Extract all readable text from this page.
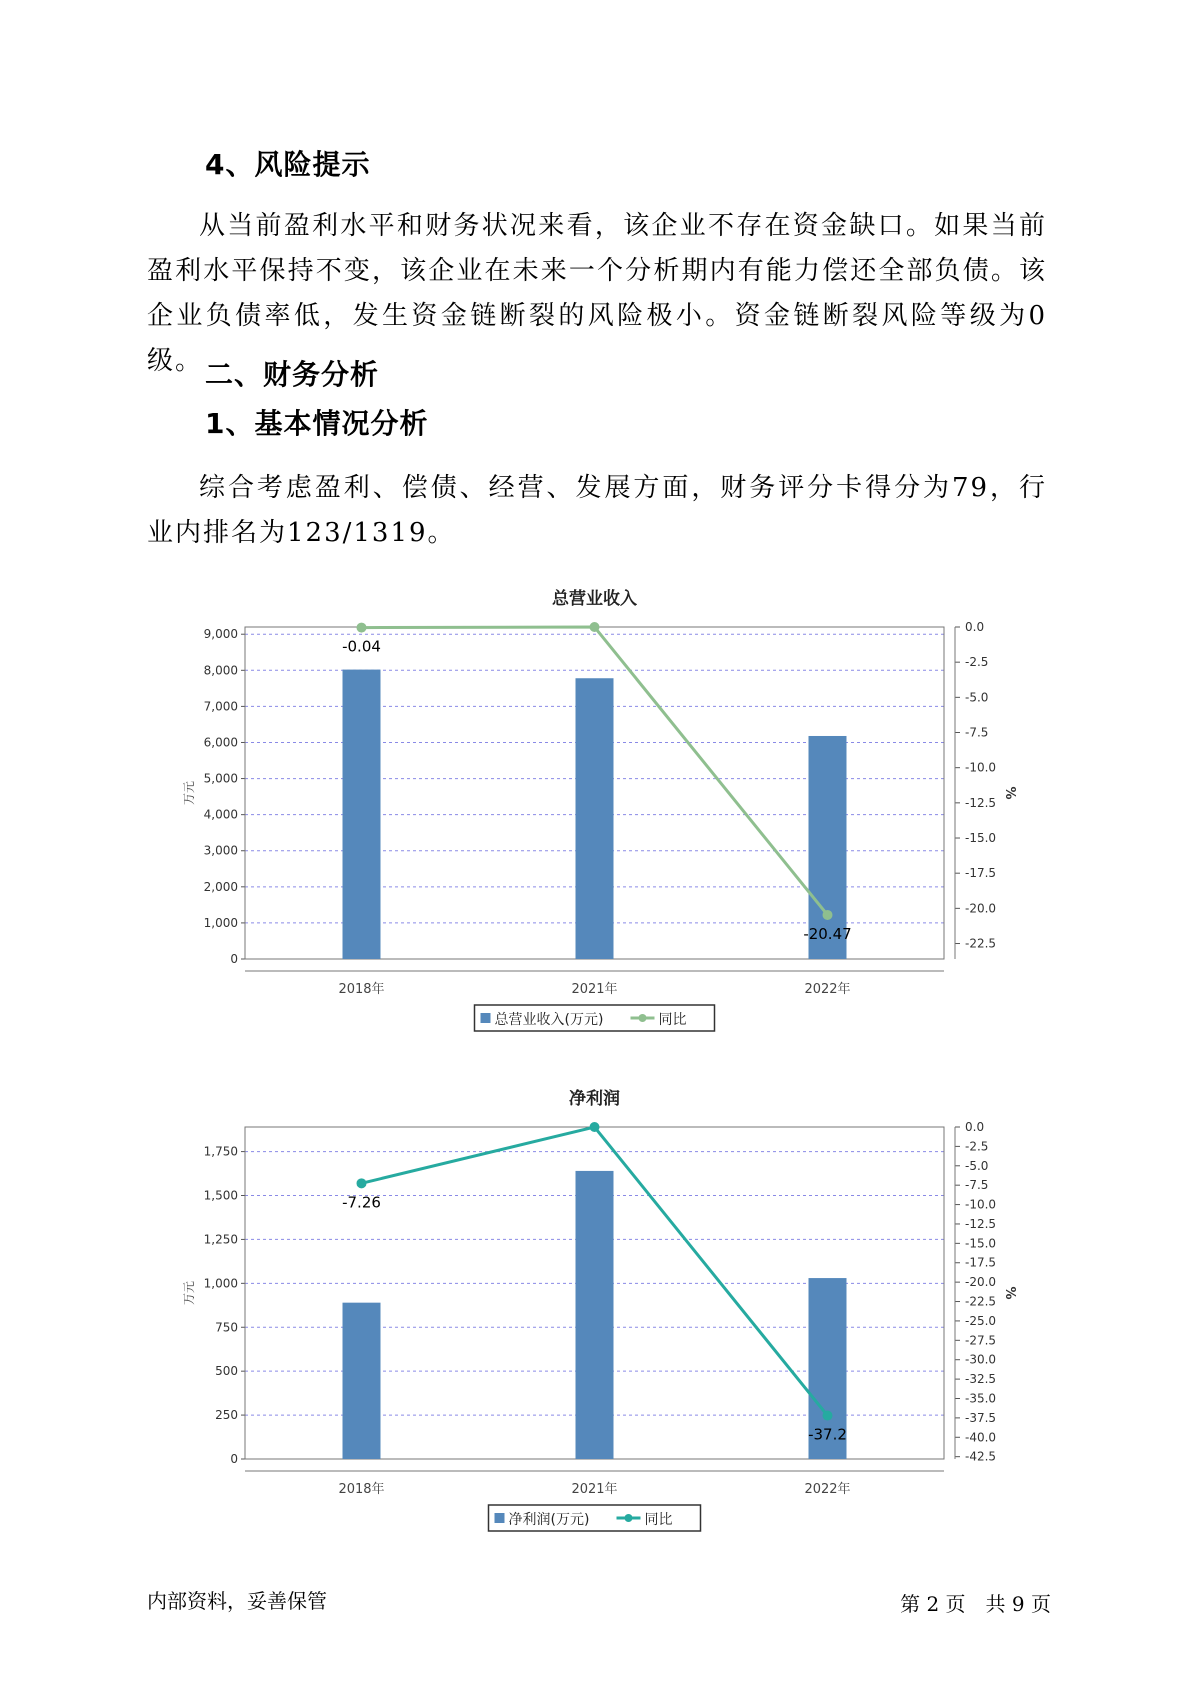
4、风险提示

从当前盈利水平和财务状况来看，该企业不存在资金缺口。如果当前盈利水平保持不变，该企业在未来一个分析期内有能力偿还全部负债。该企业负债率低，发生资金链断裂的风险极小。资金链断裂风险等级为0级。 二、财务分析
1、基本情况分析

综合考虑盈利、偿债、经营、发展方面，财务评分卡得分为79，行业内排名为123/1319。

总营业收入
0
1,000
2,000
3,000
4,000
5,000
6,000
7,000
8,000
9,000
0.0
-2.5
-5.0
-7.5
-10.0
-12.5
-15.0
-17.5
-20.0
-22.5
万元	%
2018年	2021年	2022年
-0.04
-20.47
总营业收入(万元)	同比
净利润
0
250
500
750
1,000
1,250
1,500
1,750
0.0
-2.5
-5.0
-7.5
-10.0
-12.5
-15.0
-17.5
-20.0
-22.5
-25.0
-27.5
-30.0
-32.5
-35.0
-37.5
-40.0
-42.5
万元	%
2018年	2021年	2022年
-7.26
-37.2
净利润(万元)	同比
内部资料，妥善保管	第 2 页　共 9 页
